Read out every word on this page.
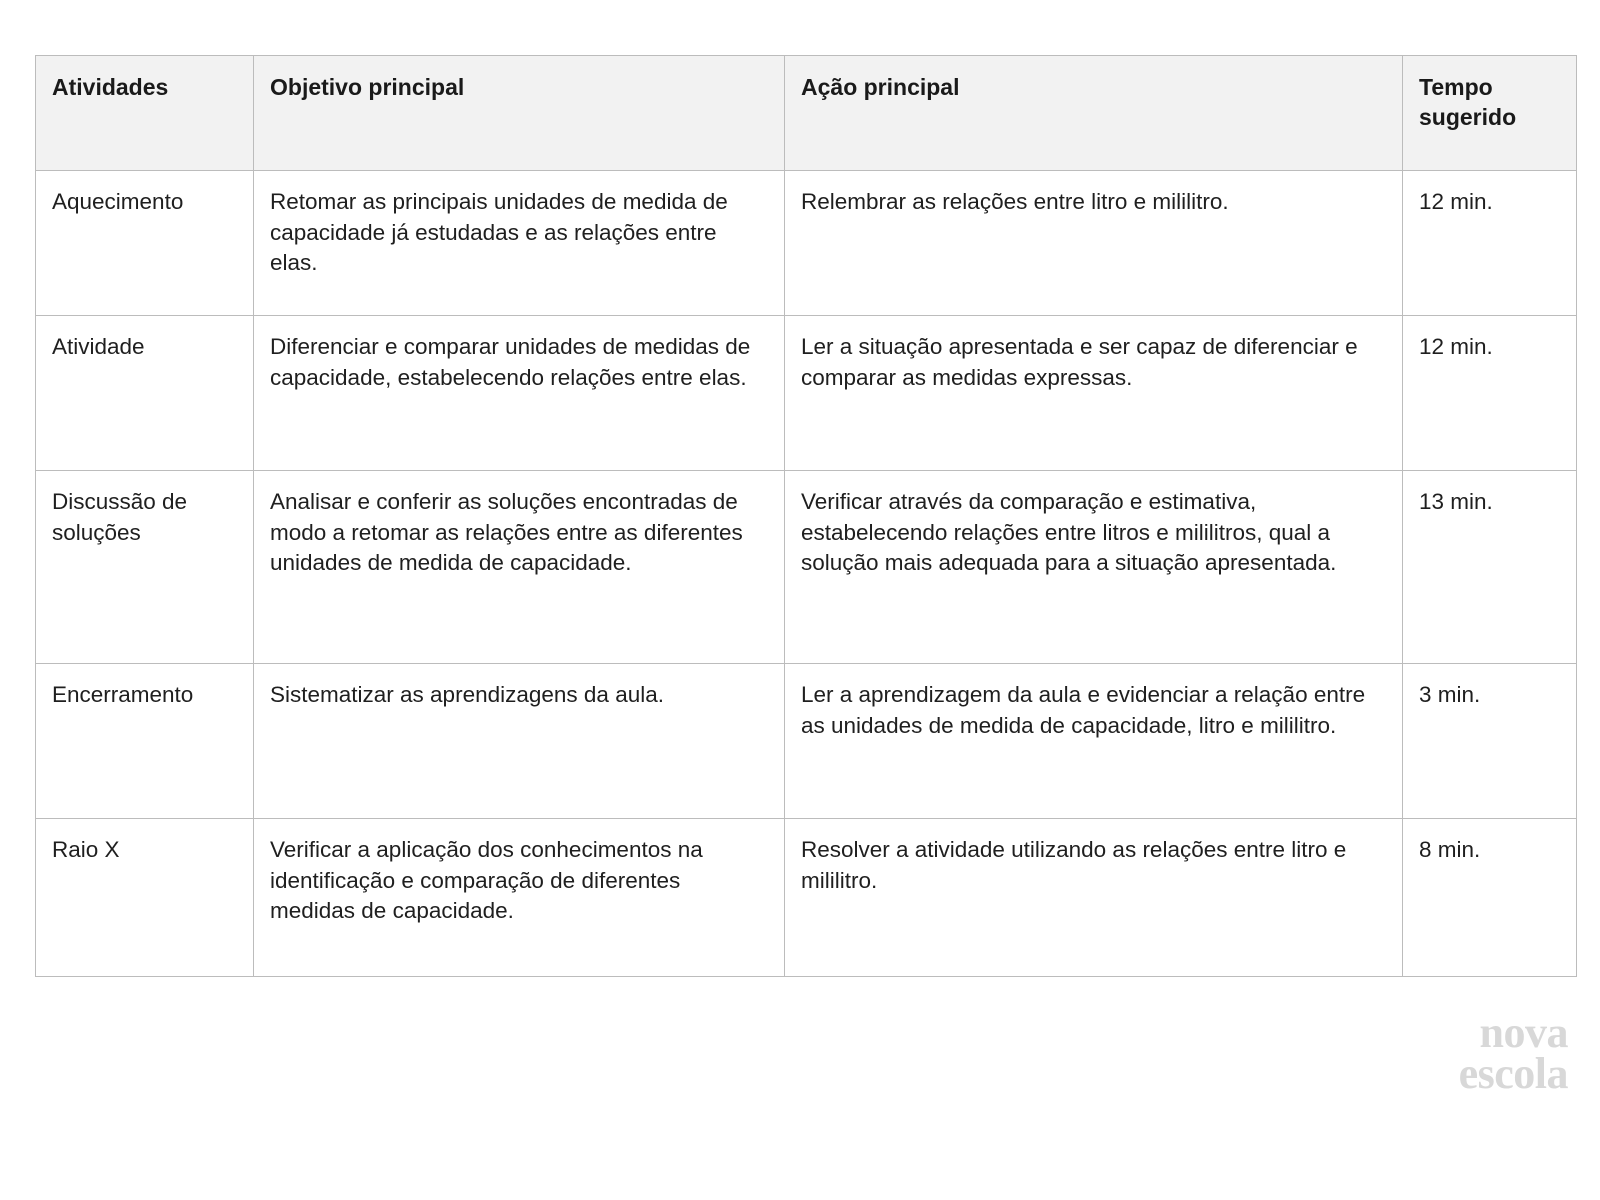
Atividades	Objetivo principal	Ação principal	Tempo sugerido
Aquecimento	Retomar as principais unidades de medida de capacidade já estudadas e as relações entre elas.	Relembrar as relações entre litro e mililitro.	12 min.
Atividade	Diferenciar e comparar unidades de medidas de capacidade, estabelecendo relações entre elas.	Ler a situação apresentada e ser capaz de diferenciar e comparar as medidas expressas.	12 min.
Discussão de soluções	Analisar e conferir as soluções encontradas de modo a retomar as relações entre as diferentes unidades de medida de capacidade.	Verificar através da comparação e estimativa, estabelecendo relações entre litros e mililitros, qual a solução mais adequada para a situação apresentada.	13 min.
Encerramento	Sistematizar as aprendizagens da aula.	Ler a aprendizagem da aula e evidenciar a relação entre as unidades de medida de capacidade, litro e mililitro.	3 min.
Raio X	Verificar a aplicação dos conhecimentos na identificação e comparação de diferentes medidas de capacidade.	Resolver a atividade utilizando as relações entre litro e mililitro.	8 min.
nova
escola
